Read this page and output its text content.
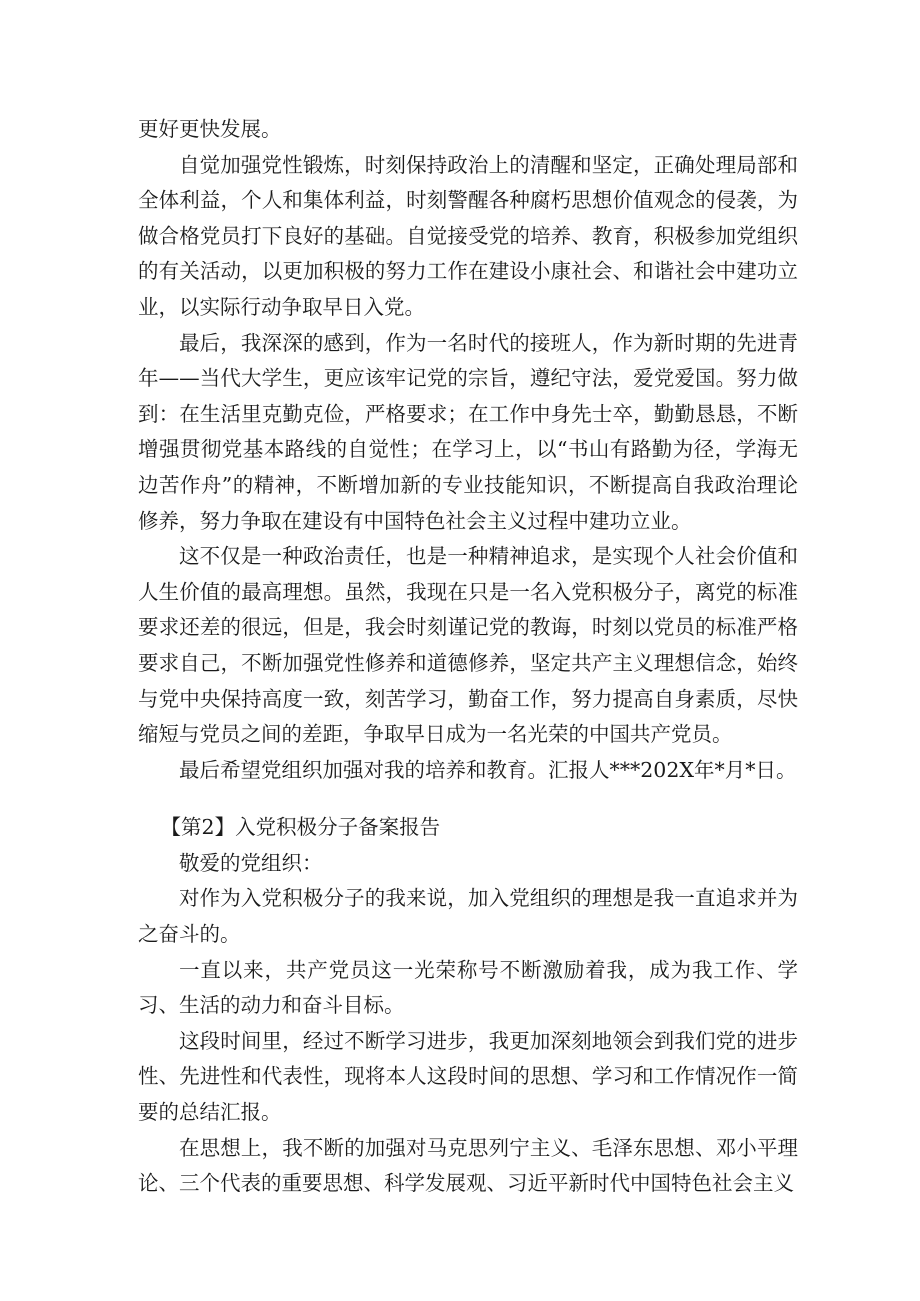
更好更快发展。

自觉加强党性锻炼，时刻保持政治上的清醒和坚定，正确处理局部和全体利益，个人和集体利益，时刻警醒各种腐朽思想价值观念的侵袭，为做合格党员打下良好的基础。自觉接受党的培养、教育，积极参加党组织的有关活动，以更加积极的努力工作在建设小康社会、和谐社会中建功立业，以实际行动争取早日入党。

最后，我深深的感到，作为一名时代的接班人，作为新时期的先进青年——当代大学生，更应该牢记党的宗旨，遵纪守法，爱党爱国。努力做到：在生活里克勤克俭，严格要求；在工作中身先士卒，勤勤恳恳，不断增强贯彻党基本路线的自觉性；在学习上，以“书山有路勤为径，学海无边苦作舟”的精神，不断增加新的专业技能知识，不断提高自我政治理论修养，努力争取在建设有中国特色社会主义过程中建功立业。

这不仅是一种政治责任，也是一种精神追求，是实现个人社会价值和人生价值的最高理想。虽然，我现在只是一名入党积极分子，离党的标准要求还差的很远，但是，我会时刻谨记党的教诲，时刻以党员的标准严格要求自己，不断加强党性修养和道德修养，坚定共产主义理想信念，始终与党中央保持高度一致，刻苦学习，勤奋工作，努力提高自身素质，尽快缩短与党员之间的差距，争取早日成为一名光荣的中国共产党员。

最后希望党组织加强对我的培养和教育。汇报人***202X年*月*日。

【第2】入党积极分子备案报告

敬爱的党组织：

对作为入党积极分子的我来说，加入党组织的理想是我一直追求并为之奋斗的。

一直以来，共产党员这一光荣称号不断激励着我，成为我工作、学习、生活的动力和奋斗目标。

这段时间里，经过不断学习进步，我更加深刻地领会到我们党的进步性、先进性和代表性，现将本人这段时间的思想、学习和工作情况作一简要的总结汇报。

在思想上，我不断的加强对马克思列宁主义、毛泽东思想、邓小平理论、三个代表的重要思想、科学发展观、习近平新时代中国特色社会主义
